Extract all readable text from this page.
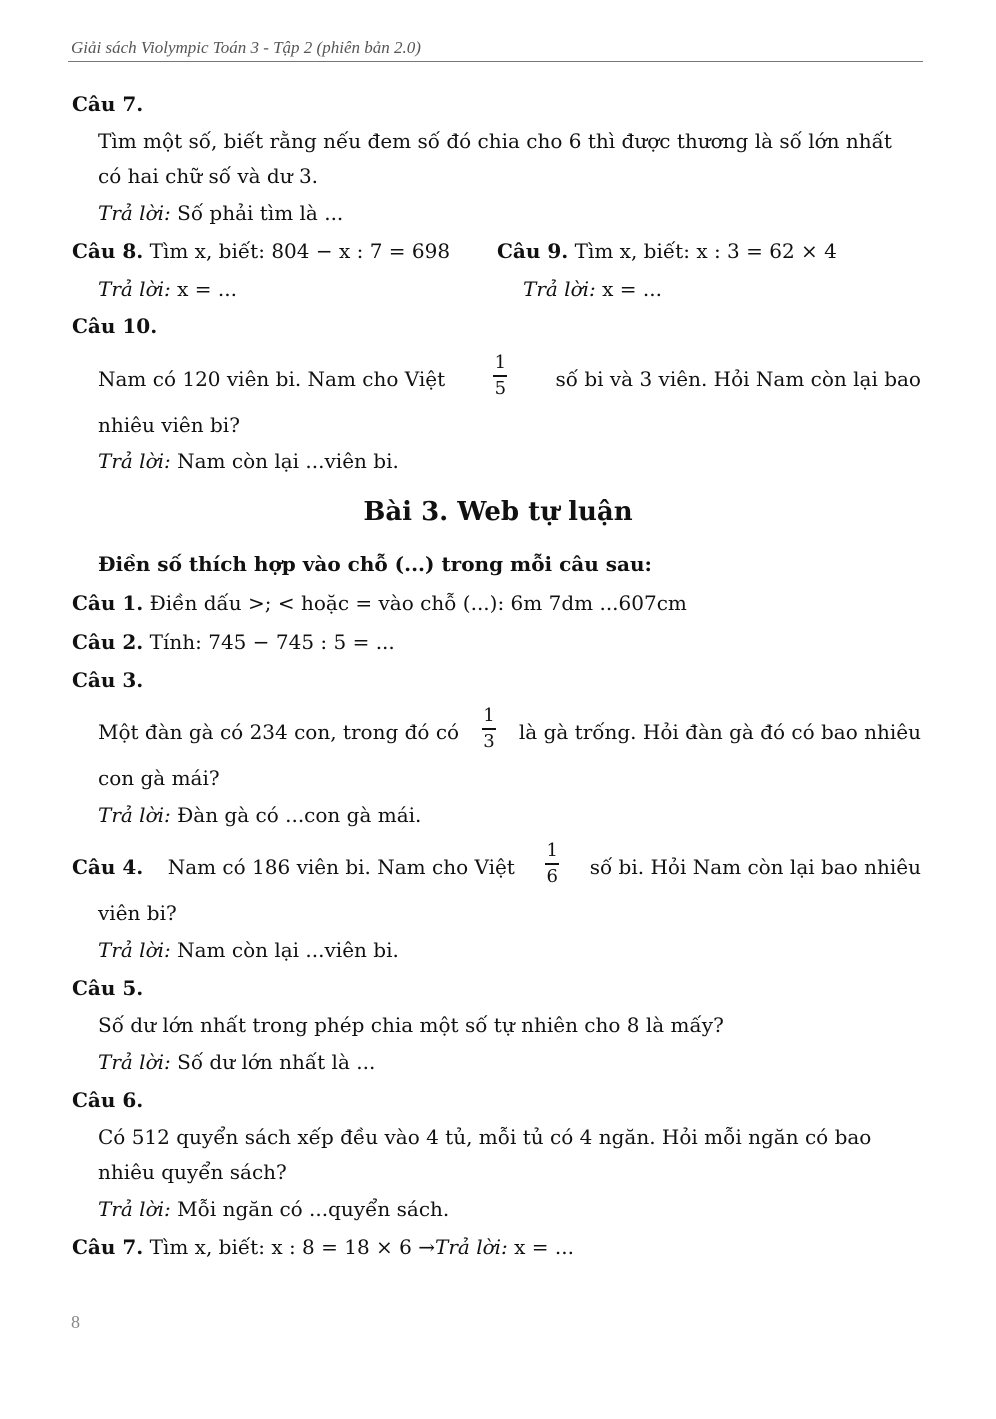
Giải sách Violympic Toán 3 - Tập 2 (phiên bản 2.0)
Câu 7.
Tìm một số, biết rằng nếu đem số đó chia cho 6 thì được thương là số lớn nhất
có hai chữ số và dư 3.
Trả lời: Số phải tìm là ...
Câu 8. Tìm x, biết: 804 − x : 7 = 698 Câu 9. Tìm x, biết: x : 3 = 62 × 4
Trả lời: x = ...	Trả lời: x = ...
Câu 10.
Nam có 120 viên bi. Nam cho Việt	$\frac{1}{5}$ số bi và 3 viên. Hỏi Nam còn lại bao
nhiêu viên bi?
Trả lời: Nam còn lại ...viên bi.
Bài 3. Web tự luận
Điền số thích hợp vào chỗ (...) trong mỗi câu sau:
Câu 1. Điền dấu >; < hoặc = vào chỗ (...): 6m 7dm ...607cm
Câu 2. Tính: 745 − 745 : 5 = ...
Câu 3.
Một đàn gà có 234 con, trong đó có $\frac{1}{3}$ là gà trống. Hỏi đàn gà đó có bao nhiêu
con gà mái?
Trả lời: Đàn gà có ...con gà mái.
Câu 4. Nam có 186 viên bi. Nam cho Việt $\frac{1}{6}$ số bi. Hỏi Nam còn lại bao nhiêu
viên bi?
Trả lời: Nam còn lại ...viên bi.
Câu 5.
Số dư lớn nhất trong phép chia một số tự nhiên cho 8 là mấy?
Trả lời: Số dư lớn nhất là ...
Câu 6.
Có 512 quyển sách xếp đều vào 4 tủ, mỗi tủ có 4 ngăn. Hỏi mỗi ngăn có bao
nhiêu quyển sách?
Trả lời: Mỗi ngăn có ...quyển sách.
Câu 7. Tìm x, biết: x : 8 = 18 × 6 →Trả lời: x = ...
8
